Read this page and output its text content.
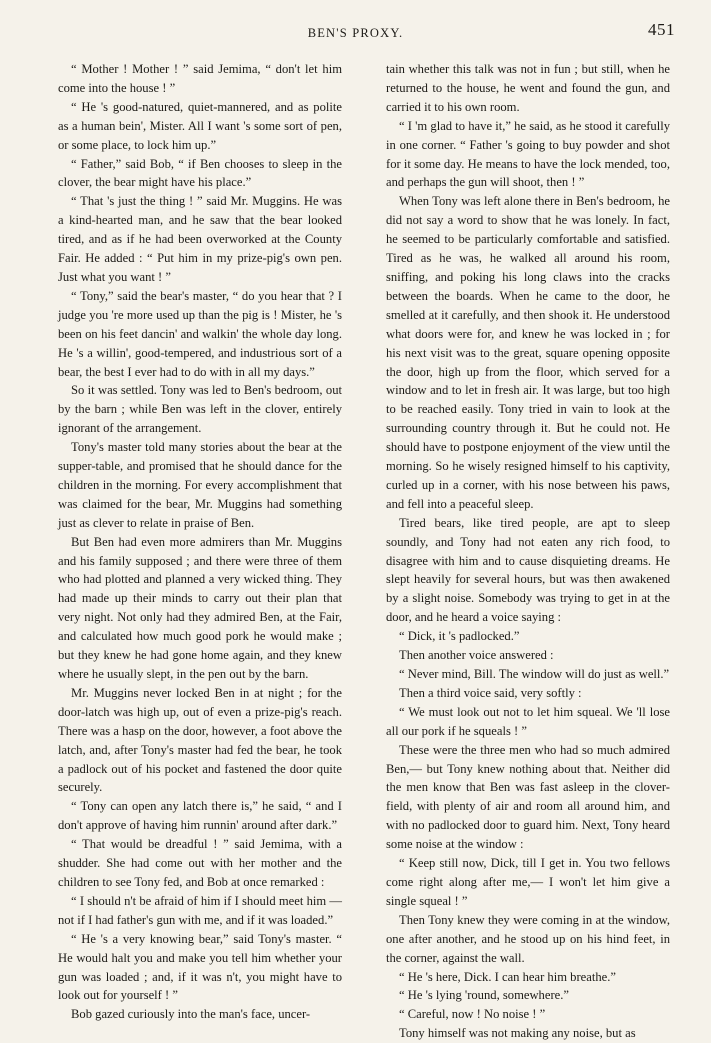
BEN'S PROXY.	451

“ Mother ! Mother ! ” said Jemima, “ don't let him come into the house ! ”

“ He 's good-natured, quiet-mannered, and as polite as a human bein', Mister. All I want 's some sort of pen, or some place, to lock him up.”

“ Father,” said Bob, “ if Ben chooses to sleep in the clover, the bear might have his place.”

“ That 's just the thing ! ” said Mr. Muggins. He was a kind-hearted man, and he saw that the bear looked tired, and as if he had been overworked at the County Fair. He added : “ Put him in my prize-pig's own pen. Just what you want ! ”

“ Tony,” said the bear's master, “ do you hear that ? I judge you 're more used up than the pig is ! Mister, he 's been on his feet dancin' and walkin' the whole day long. He 's a willin', good-tempered, and industrious sort of a bear, the best I ever had to do with in all my days.”

So it was settled. Tony was led to Ben's bedroom, out by the barn ; while Ben was left in the clover, entirely ignorant of the arrangement.

Tony's master told many stories about the bear at the supper-table, and promised that he should dance for the children in the morning. For every accomplishment that was claimed for the bear, Mr. Muggins had something just as clever to relate in praise of Ben.

But Ben had even more admirers than Mr. Muggins and his family supposed ; and there were three of them who had plotted and planned a very wicked thing. They had made up their minds to carry out their plan that very night. Not only had they admired Ben, at the Fair, and calculated how much good pork he would make ; but they knew he had gone home again, and they knew where he usually slept, in the pen out by the barn.

Mr. Muggins never locked Ben in at night ; for the door-latch was high up, out of even a prize-pig's reach. There was a hasp on the door, however, a foot above the latch, and, after Tony's master had fed the bear, he took a padlock out of his pocket and fastened the door quite securely.

“ Tony can open any latch there is,” he said, “ and I don't approve of having him runnin' around after dark.”

“ That would be dreadful ! ” said Jemima, with a shudder. She had come out with her mother and the children to see Tony fed, and Bob at once remarked :

“ I should n't be afraid of him if I should meet him — not if I had father's gun with me, and if it was loaded.”

“ He 's a very knowing bear,” said Tony's master. “ He would halt you and make you tell him whether your gun was loaded ; and, if it was n't, you might have to look out for yourself ! ”

Bob gazed curiously into the man's face, uncer-

tain whether this talk was not in fun ; but still, when he returned to the house, he went and found the gun, and carried it to his own room.

“ I 'm glad to have it,” he said, as he stood it carefully in one corner. “ Father 's going to buy powder and shot for it some day. He means to have the lock mended, too, and perhaps the gun will shoot, then ! ”

When Tony was left alone there in Ben's bedroom, he did not say a word to show that he was lonely. In fact, he seemed to be particularly comfortable and satisfied. Tired as he was, he walked all around his room, sniffing, and poking his long claws into the cracks between the boards. When he came to the door, he smelled at it carefully, and then shook it. He understood what doors were for, and knew he was locked in ; for his next visit was to the great, square opening opposite the door, high up from the floor, which served for a window and to let in fresh air. It was large, but too high to be reached easily. Tony tried in vain to look at the surrounding country through it. But he could not. He should have to postpone enjoyment of the view until the morning. So he wisely resigned himself to his captivity, curled up in a corner, with his nose between his paws, and fell into a peaceful sleep.

Tired bears, like tired people, are apt to sleep soundly, and Tony had not eaten any rich food, to disagree with him and to cause disquieting dreams. He slept heavily for several hours, but was then awakened by a slight noise. Somebody was trying to get in at the door, and he heard a voice saying :

“ Dick, it 's padlocked.”

Then another voice answered :

“ Never mind, Bill. The window will do just as well.”

Then a third voice said, very softly :

“ We must look out not to let him squeal. We 'll lose all our pork if he squeals ! ”

These were the three men who had so much admired Ben,— but Tony knew nothing about that. Neither did the men know that Ben was fast asleep in the clover-field, with plenty of air and room all around him, and with no padlocked door to guard him. Next, Tony heard some noise at the window :

“ Keep still now, Dick, till I get in. You two fellows come right along after me,— I won't let him give a single squeal ! ”

Then Tony knew they were coming in at the window, one after another, and he stood up on his hind feet, in the corner, against the wall.

“ He 's here, Dick. I can hear him breathe.”

“ He 's lying 'round, somewhere.”

“ Careful, now ! No noise ! ”

Tony himself was not making any noise, but as
